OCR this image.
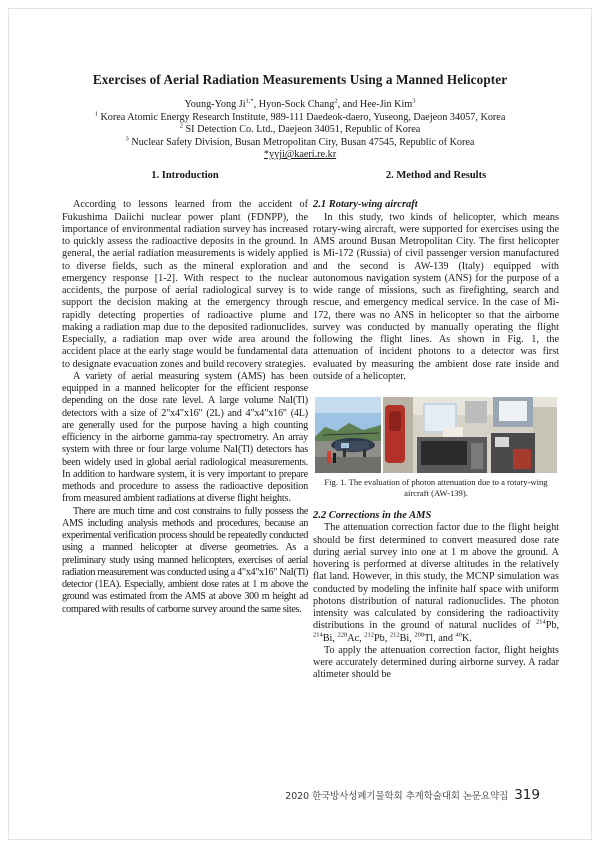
Exercises of Aerial Radiation Measurements Using a Manned Helicopter
Young-Yong $Ji^{1,*}$, Hyon-Sock Chang$^2$, and Hee-Jin Kim$^3$
$^1$ Korea Atomic Energy Research Institute, 989-111 Daedeok-daero, Yuseong, Daejeon 34057, Korea
$^2$ SI Detection Co. Ltd., Daejeon 34051, Republic of Korea
$^3$ Nuclear Safety Division, Busan Metropolitan City, Busan 47545, Republic of Korea
*yyji@kaeri.re.kr
1. Introduction

According to lessons learned from the accident of Fukushima Daiichi nuclear power plant (FDNPP), the importance of environmental radiation survey has increased to quickly assess the radioactive deposits in the ground. In general, the aerial radiation measurements is widely applied to diverse fields, such as the mineral exploration and emergency response [1-2]. With respect to the nuclear accidents, the purpose of aerial radiological survey is to support the decision making at the emergency through rapidly detecting properties of radioactive plume and making a radiation map due to the deposited radionuclides. Especially, a radiation map over wide area around the accident place at the early stage would be fundamental data to designate evacuation zones and build recovery strategies.

A variety of aerial measuring system (AMS) has been equipped in a manned helicopter for the efficient response depending on the dose rate level. A large volume NaI(Tl) detectors with a size of 2"x4"x16" (2L) and 4"x4"x16" (4L) are generally used for the purpose having a high counting efficiency in the airborne gamma-ray spectrometry. An array system with three or four large volume NaI(Tl) detectors has been widely used in global aerial radiological measurements. In addition to hardware system, it is very important to prepare methods and procedure to assess the radioactive deposition from measured ambient radiations at diverse flight heights.

There are much time and cost constrains to fully possess the AMS including analysis methods and procedures, because an experimental verification process should be repeatedly conducted using a manned helicopter at diverse geometries. As a preliminary study using manned helicopters, exercises of aerial radiation measurement was conducted using a 4"x4"x16" NaI(Tl) detector (1EA). Especially, ambient dose rates at 1 m above the ground was estimated from the AMS at above 300 m height ad compared with results of carborne survey around the same sites.

2. Method and Results
2.1 Rotary-wing aircraft

In this study, two kinds of helicopter, which means rotary-wing aircraft, were supported for exercises using the AMS around Busan Metropolitan City. The first helicopter is Mi-172 (Russia) of civil passenger version manufactured and the second is AW-139 (Italy) equipped with autonomous navigation system (ANS) for the purpose of a wide range of missions, such as firefighting, search and rescue, and emergency medical service. In the case of Mi-172, there was no ANS in helicopter so that the airborne survey was conducted by manually operating the flight following the flight lines. As shown in Fig. 1, the attenuation of incident photons to a detector was first evaluated by measuring the ambient dose rate inside and outside of a helicopter.

Fig. 1. The evaluation of photon attenuation due to a rotary-wing aircraft (AW-139).
2.2 Corrections in the AMS

The attenuation correction factor due to the flight height should be first determined to convert measured dose rate during aerial survey into one at 1 m above the ground. A hovering is performed at diverse altitudes in the relatively flat land. However, in this study, the MCNP simulation was conducted by modeling the infinite half space with uniform photons distribution of natural radionuclides. The photon intensity was calculated by considering the radioactivity distributions in the ground of natural nuclides of $^{214}$Pb, $^{214}$Bi, $^{228}$Ac, $^{212}$Pb, $^{212}$Bi, $^{208}$Tl, and $^{40}$K.

To apply the attenuation correction factor, flight heights were accurately determined during airborne survey. A radar altimeter should be

2020 한국방사성폐기물학회 추계학술대회 논문요약집 319
